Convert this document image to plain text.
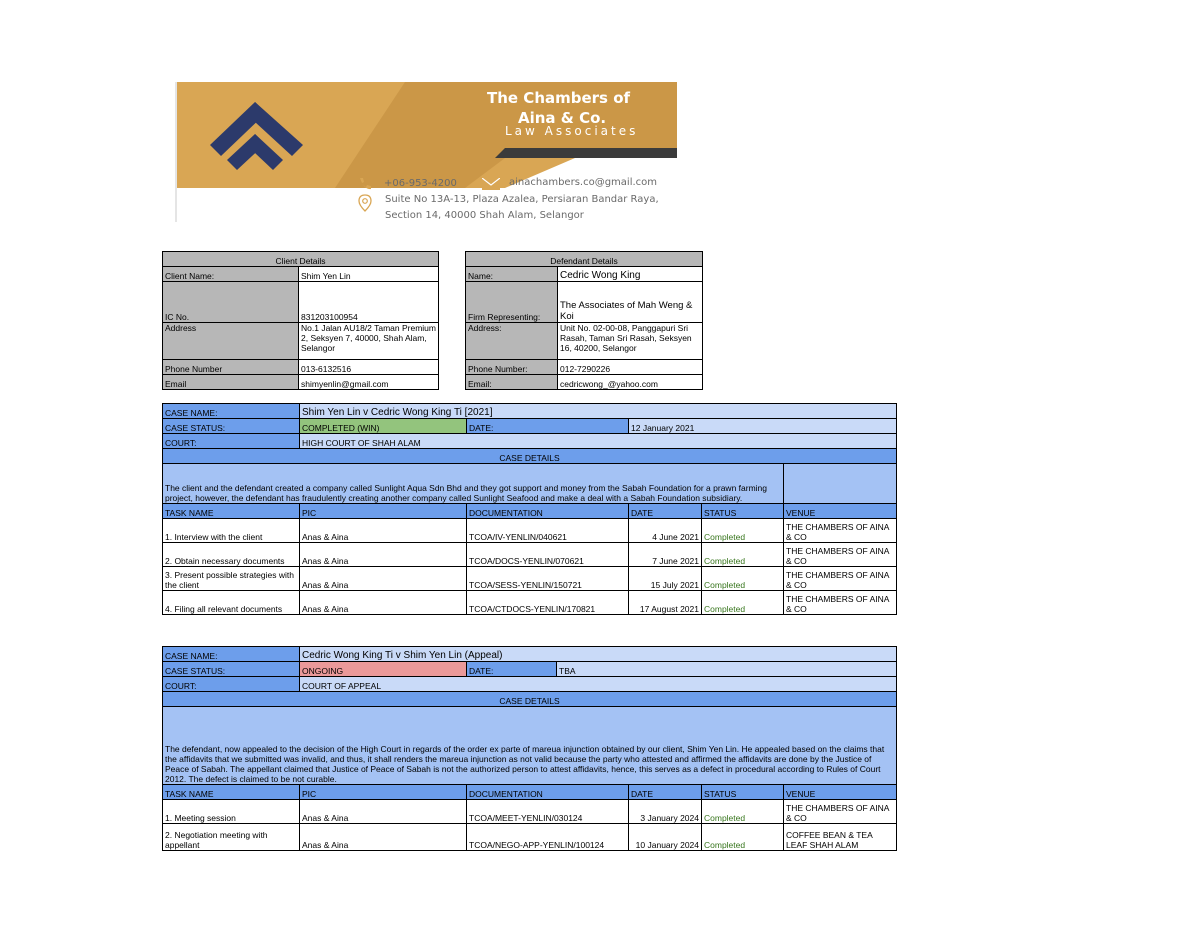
The Chambers of
Aina & Co.
Law Associates
+06-953-4200	ainachambers.co@gmail.com
Suite No 13A-13, Plaza Azalea, Persiaran Bandar Raya,
Section 14, 40000 Shah Alam, Selangor
Client Details	
Client Name:	Shim Yen Lin
IC No.	831203100954
Address	No.1 Jalan AU18/2 Taman Premium 2, Seksyen 7, 40000, Shah Alam, Selangor
Phone Number	013-6132516
Email	shimyenlin@gmail.com
Defendant Details	
Name:	Cedric Wong King
Firm Representing:	The Associates of Mah Weng & Koi
Address:	Unit No. 02-00-08, Panggapuri Sri Rasah, Taman Sri Rasah, Seksyen 16, 40200, Selangor
Phone Number:	012-7290226
Email:	cedricwong_@yahoo.com
CASE NAME:	Shim Yen Lin v Cedric Wong King Ti [2021]				
CASE STATUS:	COMPLETED (WIN)	DATE:	12 January 2021		
COURT:	HIGH COURT OF SHAH ALAM				
CASE DETAILS					
The client and the defendant created a company called Sunlight Aqua Sdn Bhd and they got support and money from the Sabah Foundation for a prawn farming project, however, the defendant has fraudulently creating another company called Sunlight Seafood and make a deal with a Sabah Foundation subsidiary.					
TASK NAME	PIC	DOCUMENTATION	DATE	STATUS	VENUE
1. Interview with the client	Anas & Aina	TCOA/IV-YENLIN/040621	4 June 2021	Completed	THE CHAMBERS OF AINA & CO
2. Obtain necessary documents	Anas & Aina	TCOA/DOCS-YENLIN/070621	7 June 2021	Completed	THE CHAMBERS OF AINA & CO
3. Present possible strategies with the client	Anas & Aina	TCOA/SESS-YENLIN/150721	15 July 2021	Completed	THE CHAMBERS OF AINA & CO
4. Filing all relevant documents	Anas & Aina	TCOA/CTDOCS-YENLIN/170821	17 August 2021	Completed	THE CHAMBERS OF AINA & CO
CASE NAME:	Cedric Wong King Ti v Shim Yen Lin (Appeal)					
CASE STATUS:	ONGOING	DATE:	TBA			
COURT:	COURT OF APPEAL					
CASE DETAILS						
The defendant, now appealed to the decision of the High Court in regards of the order ex parte of mareua injunction obtained by our client, Shim Yen Lin. He appealed based on the claims that the affidavits that we submitted was invalid, and thus, it shall renders the mareua injunction as not valid because the party who attested and affirmed the affidavits are done by the Justice of Peace of Sabah. The appellant claimed that Justice of Peace of Sabah is not the authorized person to attest affidavits, hence, this serves as a defect in procedural according to Rules of Court 2012. The defect is claimed to be not curable.						
TASK NAME	PIC	DOCUMENTATION		DATE	STATUS	VENUE
1. Meeting session	Anas & Aina	TCOA/MEET-YENLIN/030124		3 January 2024	Completed	THE CHAMBERS OF AINA & CO
2. Negotiation meeting with appellant	Anas & Aina	TCOA/NEGO-APP-YENLIN/100124		10 January 2024	Completed	COFFEE BEAN & TEA LEAF SHAH ALAM
